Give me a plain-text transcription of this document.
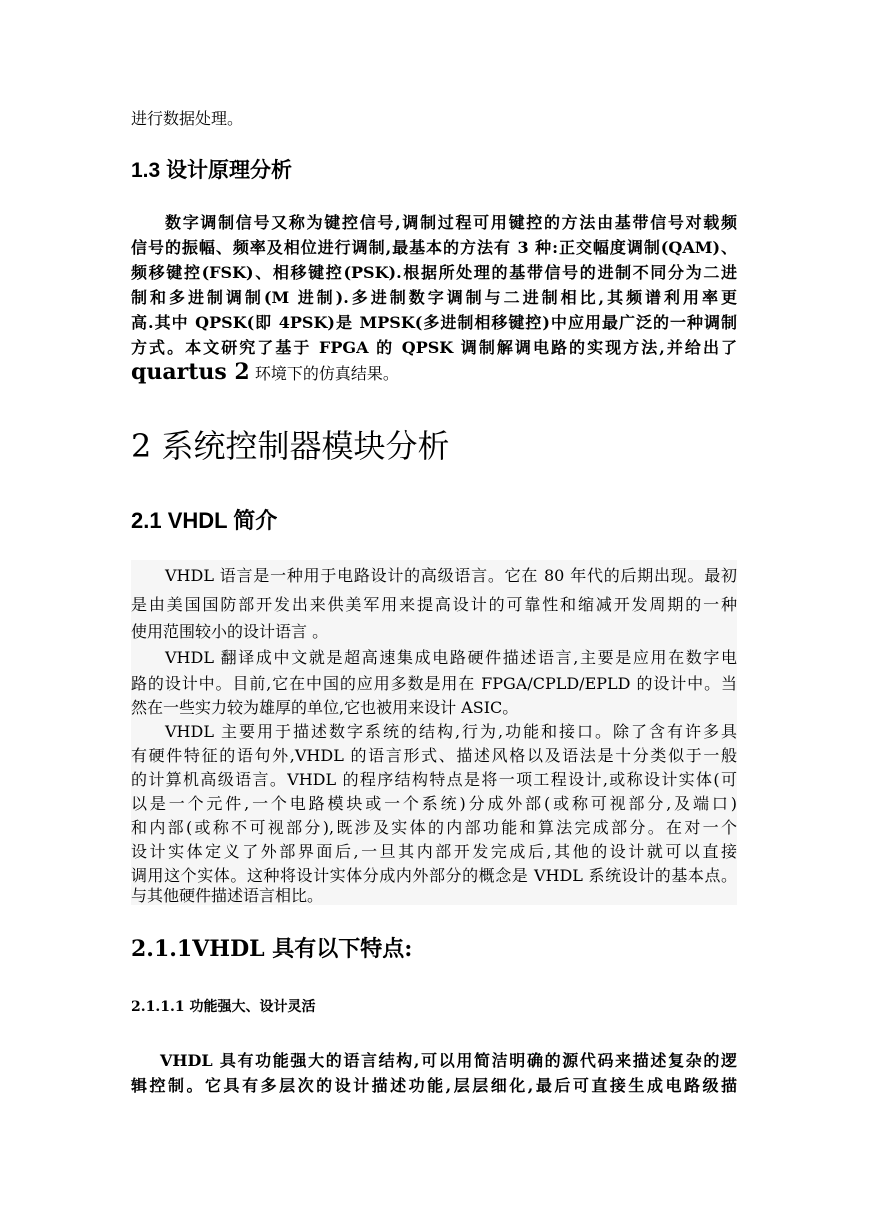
进行数据处理。
1.3 设计原理分析
数字调制信号又称为键控信号,调制过程可用键控的方法由基带信号对载频
信号的振幅、频率及相位进行调制,最基本的方法有 3 种:正交幅度调制(QAM)、
频移键控(FSK)、相移键控(PSK).根据所处理的基带信号的进制不同分为二进
制和多进制调制(M 进制).多进制数字调制与二进制相比,其频谱利用率更
高.其中 QPSK(即 4PSK)是 MPSK(多进制相移键控)中应用最广泛的一种调制
方式。本文研究了基于 FPGA 的 QPSK 调制解调电路的实现方法,并给出了
quartus 2 环境下的仿真结果。
2 系统控制器模块分析
2.1 VHDL 简介
VHDL 语言是一种用于电路设计的高级语言。它在 80 年代的后期出现。最初
是由美国国防部开发出来供美军用来提高设计的可靠性和缩减开发周期的一种
使用范围较小的设计语言 。
VHDL 翻译成中文就是超高速集成电路硬件描述语言,主要是应用在数字电
路的设计中。目前,它在中国的应用多数是用在 FPGA/CPLD/EPLD 的设计中。当
然在一些实力较为雄厚的单位,它也被用来设计 ASIC。
VHDL 主要用于描述数字系统的结构,行为,功能和接口。除了含有许多具
有硬件特征的语句外,VHDL 的语言形式、描述风格以及语法是十分类似于一般
的计算机高级语言。VHDL 的程序结构特点是将一项工程设计,或称设计实体(可
以是一个元件,一个电路模块或一个系统)分成外部(或称可视部分,及端口)
和内部(或称不可视部分),既涉及实体的内部功能和算法完成部分。在对一个
设计实体定义了外部界面后,一旦其内部开发完成后,其他的设计就可以直接
调用这个实体。这种将设计实体分成内外部分的概念是 VHDL 系统设计的基本点。
与其他硬件描述语言相比。
2.1.1VHDL 具有以下特点:
2.1.1.1 功能强大、设计灵活
VHDL 具有功能强大的语言结构,可以用简洁明确的源代码来描述复杂的逻
辑控制。它具有多层次的设计描述功能,层层细化,最后可直接生成电路级描
